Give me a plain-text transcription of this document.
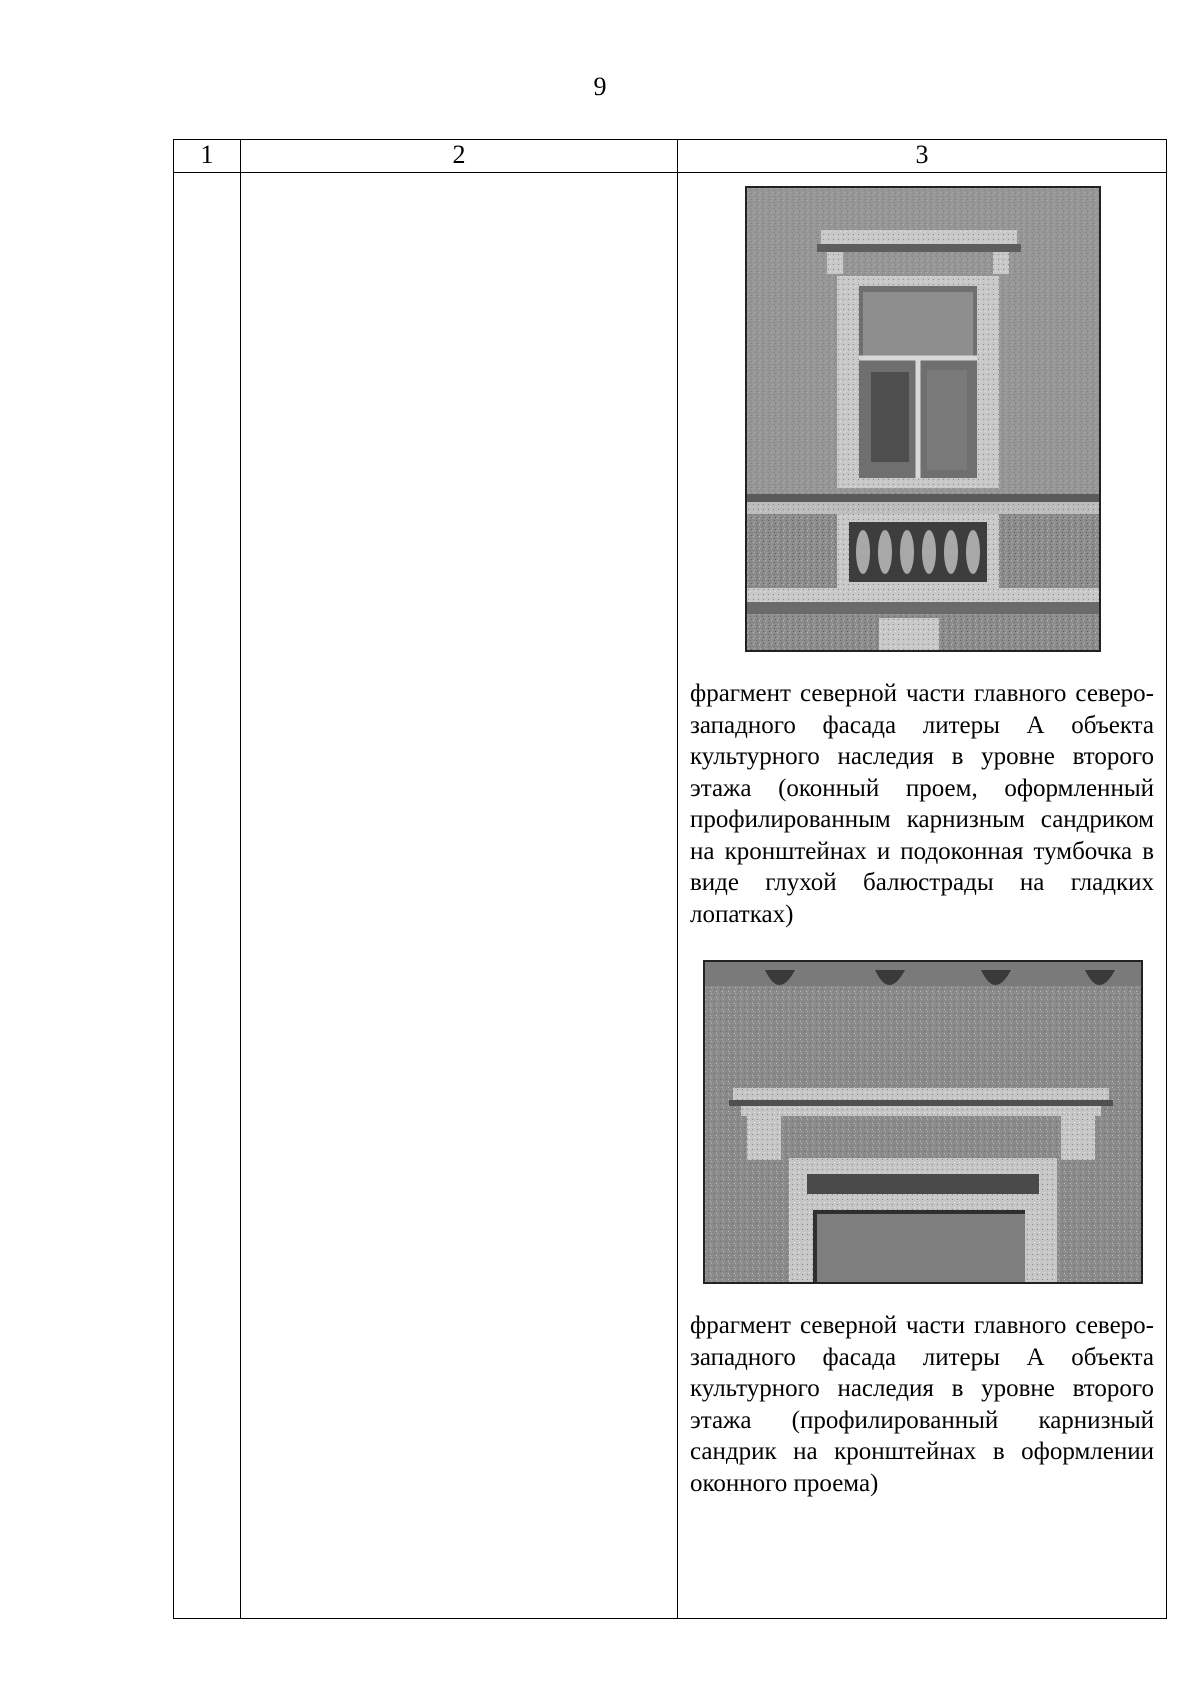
9
1	2	3

		фрагмент северной части главного северо-западного фасада литеры А объекта культурного наследия в уровне второго этажа (оконный проем, оформленный профилированным карнизным сандриком на кронштейнах и подоконная тумбочка в виде глухой балюстрады на гладких лопатках)

фрагмент северной части главного северо-западного фасада литеры А объекта культурного наследия в уровне второго этажа (профилированный карнизный сандрик на кронштейнах в оформлении оконного проема)
